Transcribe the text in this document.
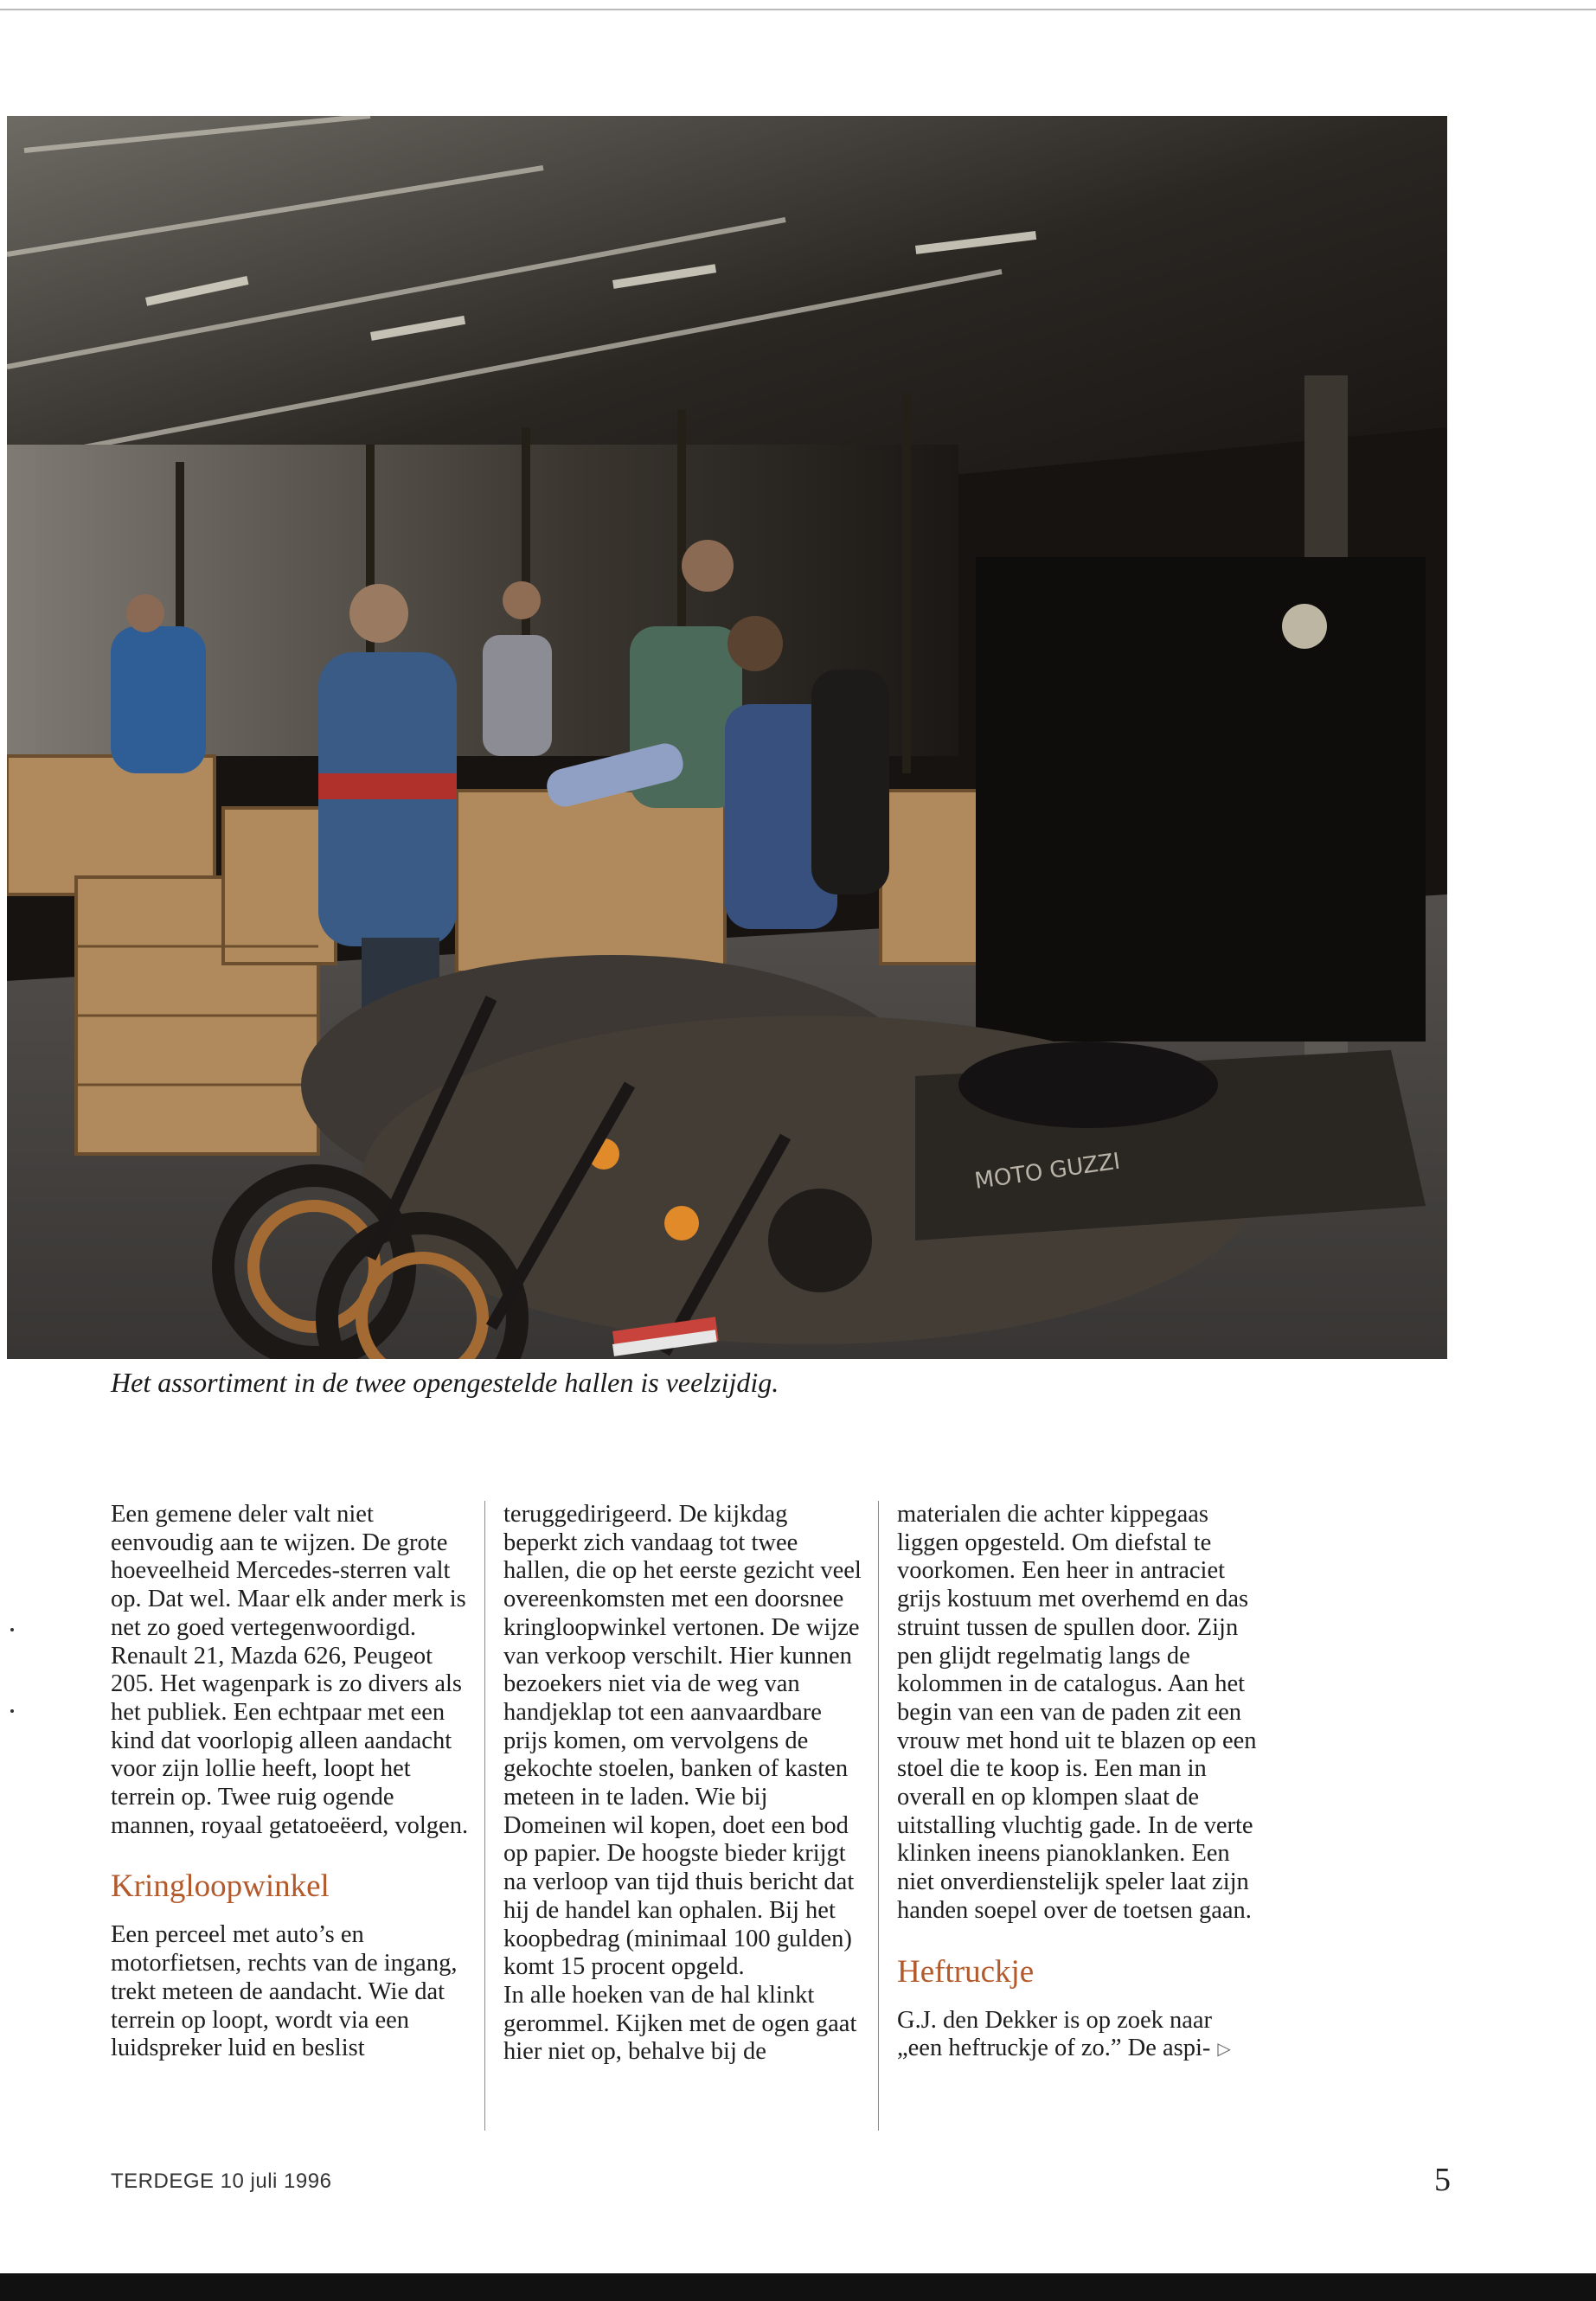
MOTO GUZZI
Het assortiment in de twee opengestelde hallen is veelzijdig.

Een gemene deler valt niet eenvoudig aan te wijzen. De grote hoeveelheid Mercedes-sterren valt op. Dat wel. Maar elk ander merk is net zo goed vertegenwoordigd. Renault 21, Mazda 626, Peugeot 205. Het wagenpark is zo divers als het publiek. Een echtpaar met een kind dat voorlopig alleen aandacht voor zijn lollie heeft, loopt het terrein op. Twee ruig ogende mannen, royaal getatoeëerd, volgen.

Kringloopwinkel

Een perceel met auto’s en motorfietsen, rechts van de ingang, trekt meteen de aandacht. Wie dat terrein op loopt, wordt via een luidspreker luid en beslist

teruggedirigeerd. De kijkdag beperkt zich vandaag tot twee hallen, die op het eerste gezicht veel overeenkomsten met een doorsnee kringloopwinkel vertonen. De wijze van verkoop verschilt. Hier kunnen bezoekers niet via de weg van handjeklap tot een aanvaardbare prijs komen, om vervolgens de gekochte stoelen, banken of kasten meteen in te laden. Wie bij Domeinen wil kopen, doet een bod op papier. De hoogste bieder krijgt na verloop van tijd thuis bericht dat hij de handel kan ophalen. Bij het koopbedrag (minimaal 100 gulden) komt 15 procent opgeld.

In alle hoeken van de hal klinkt gerommel. Kijken met de ogen gaat hier niet op, behalve bij de

materialen die achter kippegaas liggen opgesteld. Om diefstal te voorkomen. Een heer in antraciet grijs kostuum met overhemd en das struint tussen de spullen door. Zijn pen glijdt regelmatig langs de kolommen in de catalogus. Aan het begin van een van de paden zit een vrouw met hond uit te blazen op een stoel die te koop is. Een man in overall en op klompen slaat de uitstalling vluchtig gade. In de verte klinken ineens pianoklanken. Een niet onverdienstelijk speler laat zijn handen soepel over de toetsen gaan.

Heftruckje

G.J. den Dekker is op zoek naar „een heftruckje of zo.” De aspi- ▷

TERDEGE 10 juli 1996	5
